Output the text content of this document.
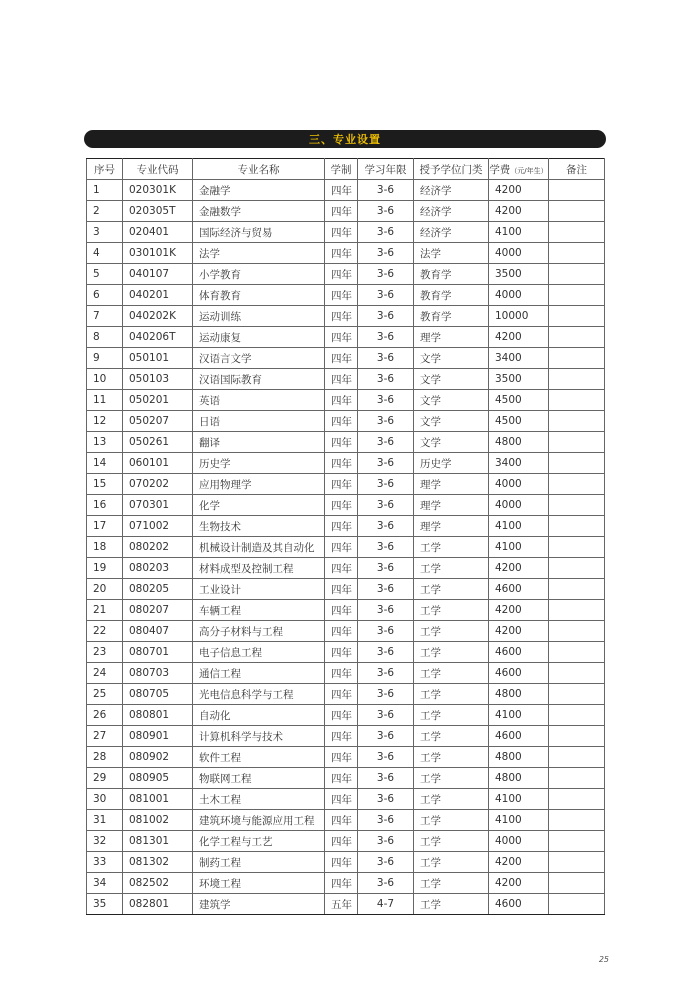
三、专业设置
序号	专业代码	专业名称	学制	学习年限	授予学位门类	学费（元/年生）	备注
1	020301K	金融学	四年	3-6	经济学	4200	
2	020305T	金融数学	四年	3-6	经济学	4200	
3	020401	国际经济与贸易	四年	3-6	经济学	4100	
4	030101K	法学	四年	3-6	法学	4000	
5	040107	小学教育	四年	3-6	教育学	3500	
6	040201	体育教育	四年	3-6	教育学	4000	
7	040202K	运动训练	四年	3-6	教育学	10000	
8	040206T	运动康复	四年	3-6	理学	4200	
9	050101	汉语言文学	四年	3-6	文学	3400	
10	050103	汉语国际教育	四年	3-6	文学	3500	
11	050201	英语	四年	3-6	文学	4500	
12	050207	日语	四年	3-6	文学	4500	
13	050261	翻译	四年	3-6	文学	4800	
14	060101	历史学	四年	3-6	历史学	3400	
15	070202	应用物理学	四年	3-6	理学	4000	
16	070301	化学	四年	3-6	理学	4000	
17	071002	生物技术	四年	3-6	理学	4100	
18	080202	机械设计制造及其自动化	四年	3-6	工学	4100	
19	080203	材料成型及控制工程	四年	3-6	工学	4200	
20	080205	工业设计	四年	3-6	工学	4600	
21	080207	车辆工程	四年	3-6	工学	4200	
22	080407	高分子材料与工程	四年	3-6	工学	4200	
23	080701	电子信息工程	四年	3-6	工学	4600	
24	080703	通信工程	四年	3-6	工学	4600	
25	080705	光电信息科学与工程	四年	3-6	工学	4800	
26	080801	自动化	四年	3-6	工学	4100	
27	080901	计算机科学与技术	四年	3-6	工学	4600	
28	080902	软件工程	四年	3-6	工学	4800	
29	080905	物联网工程	四年	3-6	工学	4800	
30	081001	土木工程	四年	3-6	工学	4100	
31	081002	建筑环境与能源应用工程	四年	3-6	工学	4100	
32	081301	化学工程与工艺	四年	3-6	工学	4000	
33	081302	制药工程	四年	3-6	工学	4200	
34	082502	环境工程	四年	3-6	工学	4200	
35	082801	建筑学	五年	4-7	工学	4600	
25
